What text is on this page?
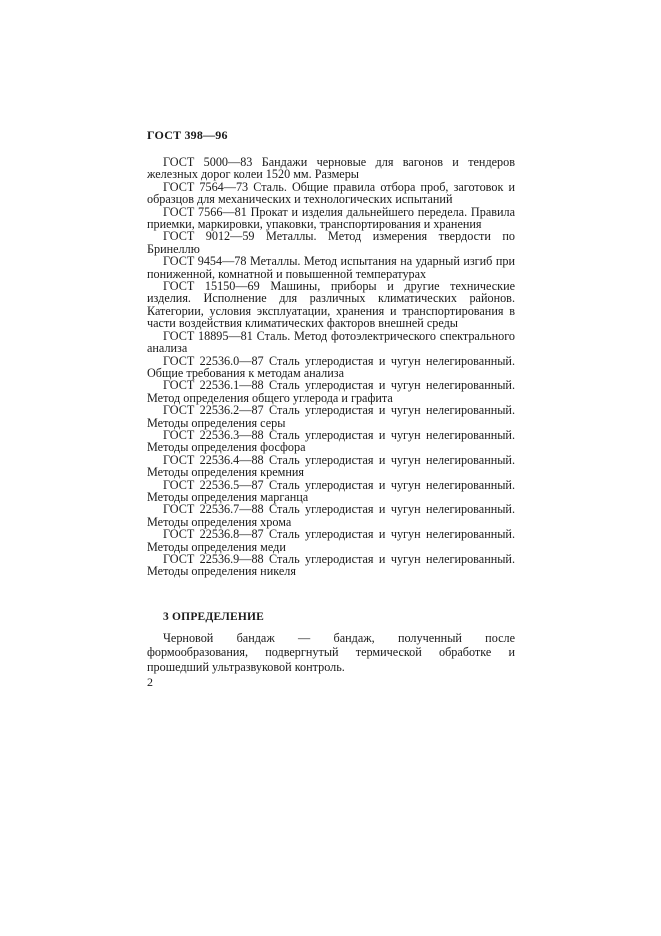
ГОСТ 398—96

ГОСТ 5000—83 Бандажи черновые для вагонов и тендеров железных дорог колеи 1520 мм. Размеры

ГОСТ 7564—73 Сталь. Общие правила отбора проб, заготовок и образцов для механических и технологических испытаний

ГОСТ 7566—81 Прокат и изделия дальнейшего передела. Правила приемки, маркировки, упаковки, транспортирования и хранения

ГОСТ 9012—59 Металлы. Метод измерения твердости по Бринеллю

ГОСТ 9454—78 Металлы. Метод испытания на ударный изгиб при пониженной, комнатной и повышенной температурах

ГОСТ 15150—69 Машины, приборы и другие технические изделия. Исполнение для различных климатических районов. Категории, условия эксплуатации, хранения и транспортирования в части воздействия климатических факторов внешней среды

ГОСТ 18895—81 Сталь. Метод фотоэлектрического спектрального анализа

ГОСТ 22536.0—87 Сталь углеродистая и чугун нелегированный. Общие требования к методам анализа

ГОСТ 22536.1—88 Сталь углеродистая и чугун нелегированный. Метод определения общего углерода и графита

ГОСТ 22536.2—87 Сталь углеродистая и чугун нелегированный. Методы определения серы

ГОСТ 22536.3—88 Сталь углеродистая и чугун нелегированный. Методы определения фосфора

ГОСТ 22536.4—88 Сталь углеродистая и чугун нелегированный. Методы определения кремния

ГОСТ 22536.5—87 Сталь углеродистая и чугун нелегированный. Методы определения марганца

ГОСТ 22536.7—88 Сталь углеродистая и чугун нелегированный. Методы определения хрома

ГОСТ 22536.8—87 Сталь углеродистая и чугун нелегированный. Методы определения меди

ГОСТ 22536.9—88 Сталь углеродистая и чугун нелегированный. Методы определения никеля

3 ОПРЕДЕЛЕНИЕ

Черновой бандаж — бандаж, полученный после формообразования, подвергнутый термической обработке и прошедший ультразвуковой контроль.

2
